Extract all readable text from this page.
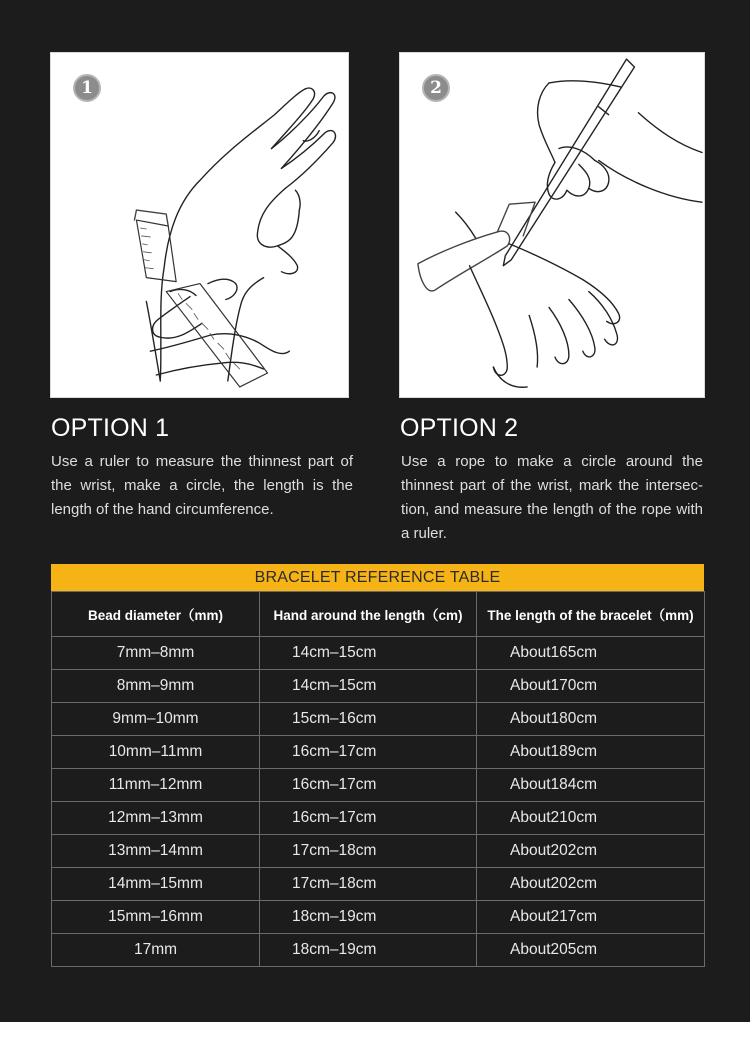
1	2
OPTION 1	OPTION 2
Use a ruler to measure the thinnest part of the wrist, make a circle, the length is the length of the hand circumference.
Use a rope to make a circle around the thinnest part of the wrist, mark the intersec-tion, and measure the length of the rope with a ruler.
BRACELET REFERENCE TABLE
Bead diameter（mm)	Hand around the length（cm)	The length of the bracelet（mm)
7mm–8mm	14cm–15cm	About165cm
8mm–9mm	14cm–15cm	About170cm
9mm–10mm	15cm–16cm	About180cm
10mm–11mm	16cm–17cm	About189cm
11mm–12mm	16cm–17cm	About184cm
12mm–13mm	16cm–17cm	About210cm
13mm–14mm	17cm–18cm	About202cm
14mm–15mm	17cm–18cm	About202cm
15mm–16mm	18cm–19cm	About217cm
17mm	18cm–19cm	About205cm
